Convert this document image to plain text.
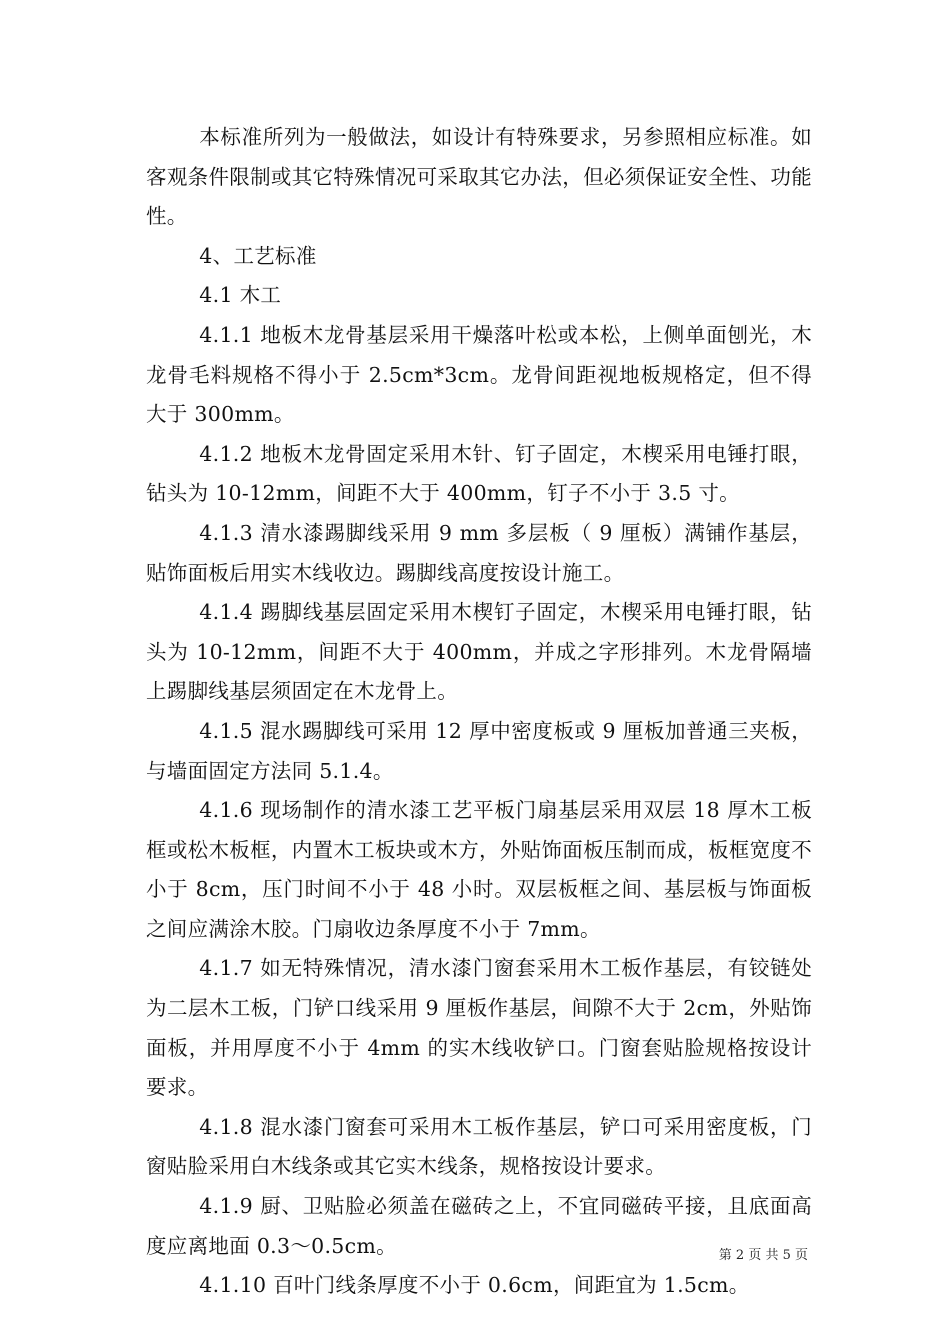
本标准所列为一般做法，如设计有特殊要求，另参照相应标准。如客观条件限制或其它特殊情况可采取其它办法，但必须保证安全性、功能性。

4、工艺标准

4.1 木工

4.1.1 地板木龙骨基层采用干燥落叶松或本松，上侧单面刨光，木龙骨毛料规格不得小于 2.5cm*3cm。龙骨间距视地板规格定，但不得大于 300mm。

4.1.2 地板木龙骨固定采用木针、钉子固定，木楔采用电锤打眼，钻头为 10-12mm，间距不大于 400mm，钉子不小于 3.5 寸。

4.1.3 清水漆踢脚线采用 9 mm 多层板（ 9 厘板）满铺作基层，贴饰面板后用实木线收边。踢脚线高度按设计施工。

4.1.4 踢脚线基层固定采用木楔钉子固定，木楔采用电锤打眼，钻头为 10-12mm，间距不大于 400mm，并成之字形排列。木龙骨隔墙上踢脚线基层须固定在木龙骨上。

4.1.5 混水踢脚线可采用 12 厚中密度板或 9 厘板加普通三夹板，与墙面固定方法同 5.1.4。

4.1.6 现场制作的清水漆工艺平板门扇基层采用双层 18 厚木工板框或松木板框，内置木工板块或木方，外贴饰面板压制而成，板框宽度不小于 8cm，压门时间不小于 48 小时。双层板框之间、基层板与饰面板之间应满涂木胶。门扇收边条厚度不小于 7mm。

4.1.7 如无特殊情况，清水漆门窗套采用木工板作基层，有铰链处为二层木工板，门铲口线采用 9 厘板作基层，间隙不大于 2cm，外贴饰面板，并用厚度不小于 4mm 的实木线收铲口。门窗套贴脸规格按设计要求。

4.1.8 混水漆门窗套可采用木工板作基层，铲口可采用密度板，门窗贴脸采用白木线条或其它实木线条，规格按设计要求。

4.1.9 厨、卫贴脸必须盖在磁砖之上，不宜同磁砖平接，且底面高度应离地面 0.3～0.5cm。

4.1.10 百叶门线条厚度不小于 0.6cm，间距宜为 1.5cm。

第 2 页 共 5 页
